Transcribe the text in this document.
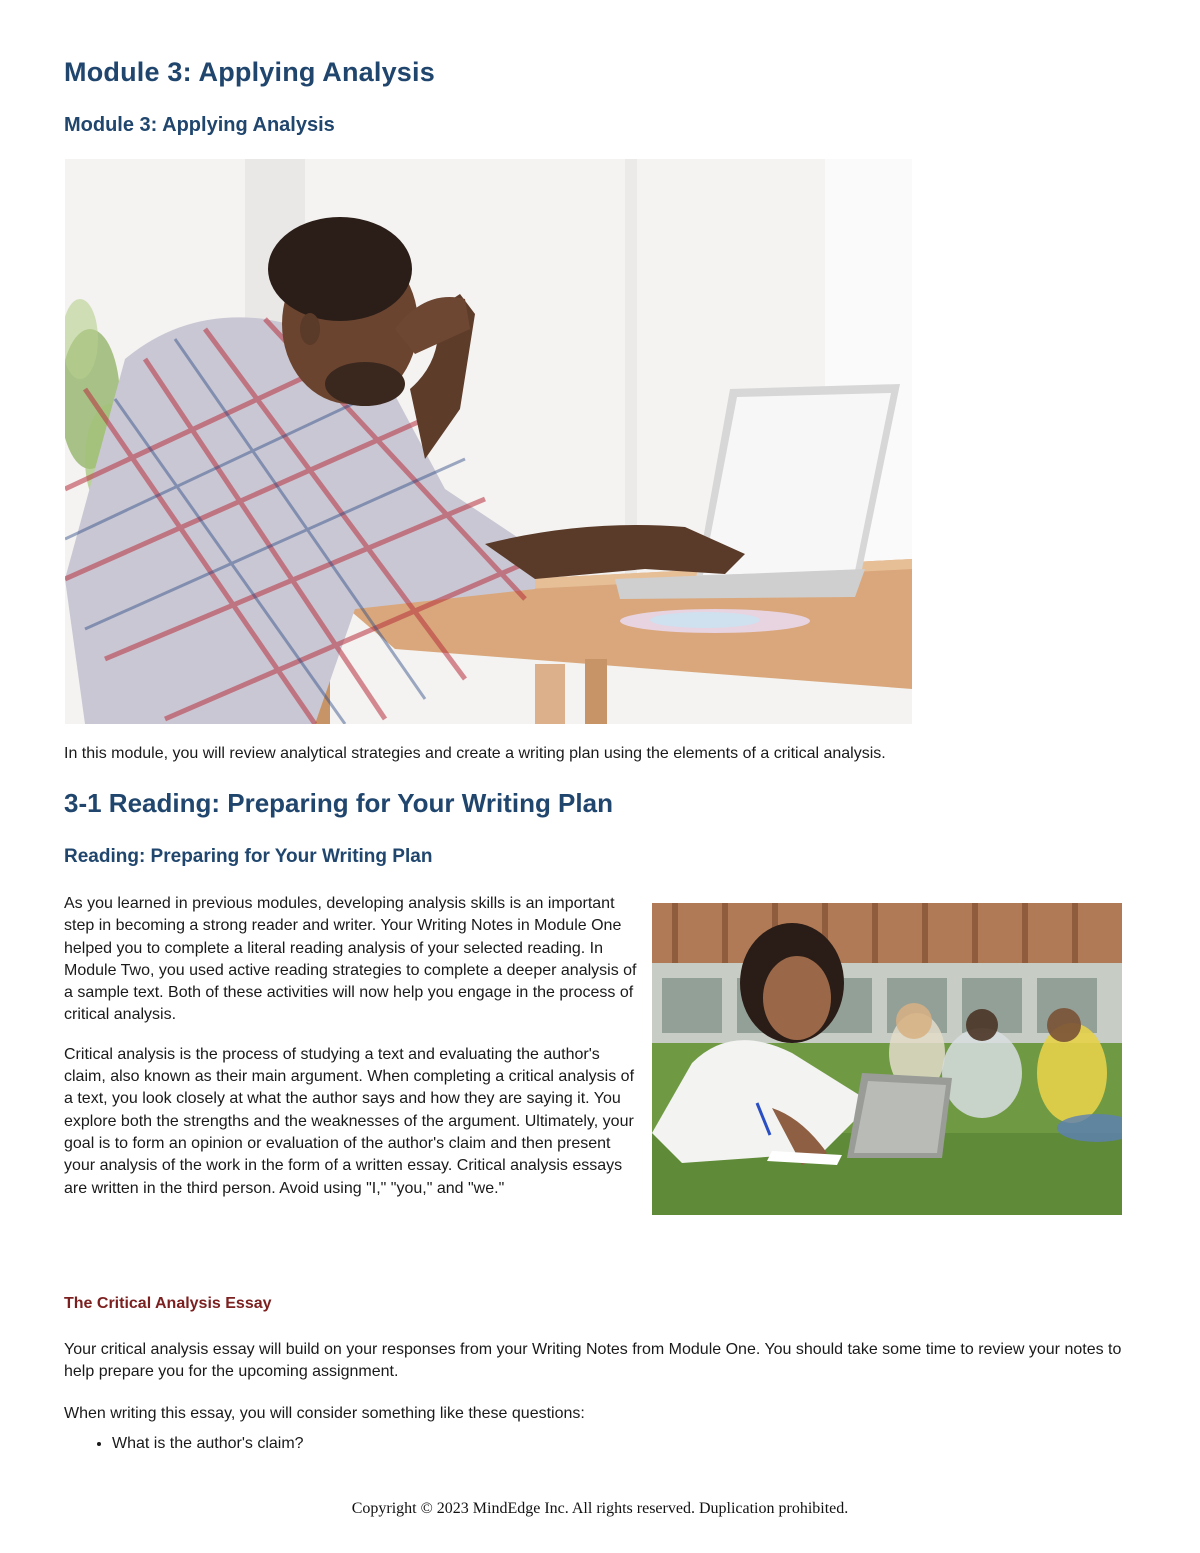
Module 3: Applying Analysis
Module 3: Applying Analysis

In this module, you will review analytical strategies and create a writing plan using the elements of a critical analysis.

3-1 Reading: Preparing for Your Writing Plan
Reading: Preparing for Your Writing Plan

As you learned in previous modules, developing analysis skills is an important step in becoming a strong reader and writer. Your Writing Notes in Module One helped you to complete a literal reading analysis of your selected reading. In Module Two, you used active reading strategies to complete a deeper analysis of a sample text. Both of these activities will now help you engage in the process of critical analysis.

Critical analysis is the process of studying a text and evaluating the author's claim, also known as their main argument. When completing a critical analysis of a text, you look closely at what the author says and how they are saying it. You explore both the strengths and the weaknesses of the argument. Ultimately, your goal is to form an opinion or evaluation of the author's claim and then present your analysis of the work in the form of a written essay. Critical analysis essays are written in the third person. Avoid using "I," "you," and "we."

The Critical Analysis Essay

Your critical analysis essay will build on your responses from your Writing Notes from Module One. You should take some time to review your notes to help prepare you for the upcoming assignment.

When writing this essay, you will consider something like these questions:

• What is the author's claim?
Copyright © 2023 MindEdge Inc. All rights reserved. Duplication prohibited.
